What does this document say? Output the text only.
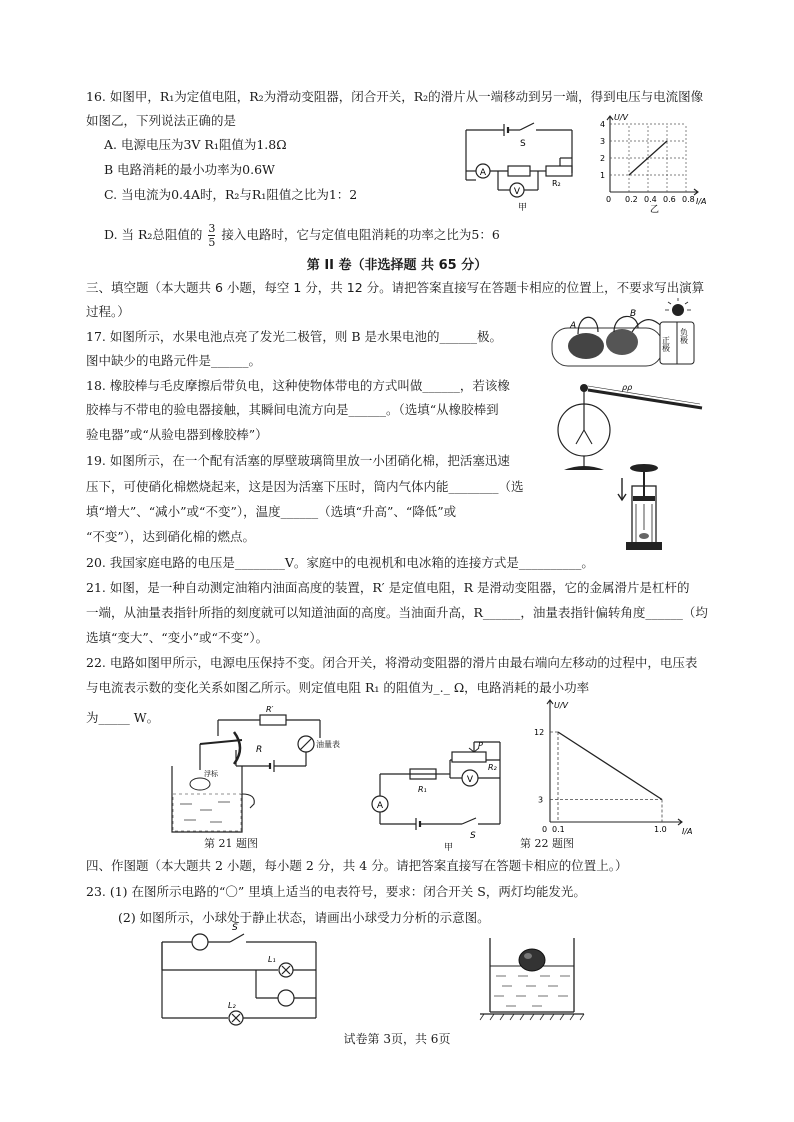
16. 如图甲，R₁为定值电阻，R₂为滑动变阻器，闭合开关，R₂的滑片从一端移动到另一端，得到电压与电流图像
如图乙，下列说法正确的是
A. 电源电压为3V R₁阻值为1.8Ω
B 电路消耗的最小功率为0.6W
C. 当电流为0.4A时，R₂与R₁阻值之比为1：2
D. 当 R₂总阻值的 $\frac{3}{5}$ 接入电路时，它与定值电阻消耗的功率之比为5：6
A
V
S
R₂
甲
1
2
3
4
0 0.2 0.4 0.6 0.8
U/V
I/A
乙
第 II 卷（非选择题 共 65 分）
三、填空题（本大题共 6 小题，每空 1 分，共 12 分。请把答案直接写在答题卡相应的位置上，不要求写出演算
过程。）
17. 如图所示，水果电池点亮了发光二极管，则 B 是水果电池的______极。
图中缺少的电路元件是______。
A
B
正极 负极
18. 橡胶棒与毛皮摩擦后带负电，这种使物体带电的方式叫做______，若该橡
胶棒与不带电的验电器接触，其瞬间电流方向是______。（选填“从橡胶棒到
验电器”或“从验电器到橡胶棒”）
ρρ
19. 如图所示，在一个配有活塞的厚壁玻璃筒里放一小团硝化棉，把活塞迅速
压下，可使硝化棉燃烧起来，这是因为活塞下压时，筒内气体内能________（选
填“增大”、“减小”或“不变”），温度______（选填“升高”、“降低”或
“不变”），达到硝化棉的燃点。
20. 我国家庭电路的电压是________V。家庭中的电视机和电冰箱的连接方式是__________。
21. 如图，是一种自动测定油箱内油面高度的装置，R′ 是定值电阻，R 是滑动变阻器，它的金属滑片是杠杆的
一端，从油量表指针所指的刻度就可以知道油面的高度。当油面升高，R______，油量表指针偏转角度______（均
选填“变大”、“变小”或“不变”）。
22. 电路如图甲所示，电源电压保持不变。闭合开关，将滑动变阻器的滑片由最右端向左移动的过程中，电压表
与电流表示数的变化关系如图乙所示。则定值电阻 R₁ 的阻值为_._ Ω，电路消耗的最小功率
为_____ W。
R′
R
油量表
浮标
第 21 题图
V
A
P
R₂
R₁
S
甲
U/V
I/A
12
3
0 0.1	1.0
第 22 题图
四、作图题（本大题共 2 小题，每小题 2 分，共 4 分。请把答案直接写在答题卡相应的位置上。）
23. (1) 在图所示电路的“〇” 里填上适当的电表符号，要求：闭合开关 S，两灯均能发光。
(2) 如图所示，小球处于静止状态，请画出小球受力分析的示意图。
S
L₁
L₂
试卷第 3页，共 6页
